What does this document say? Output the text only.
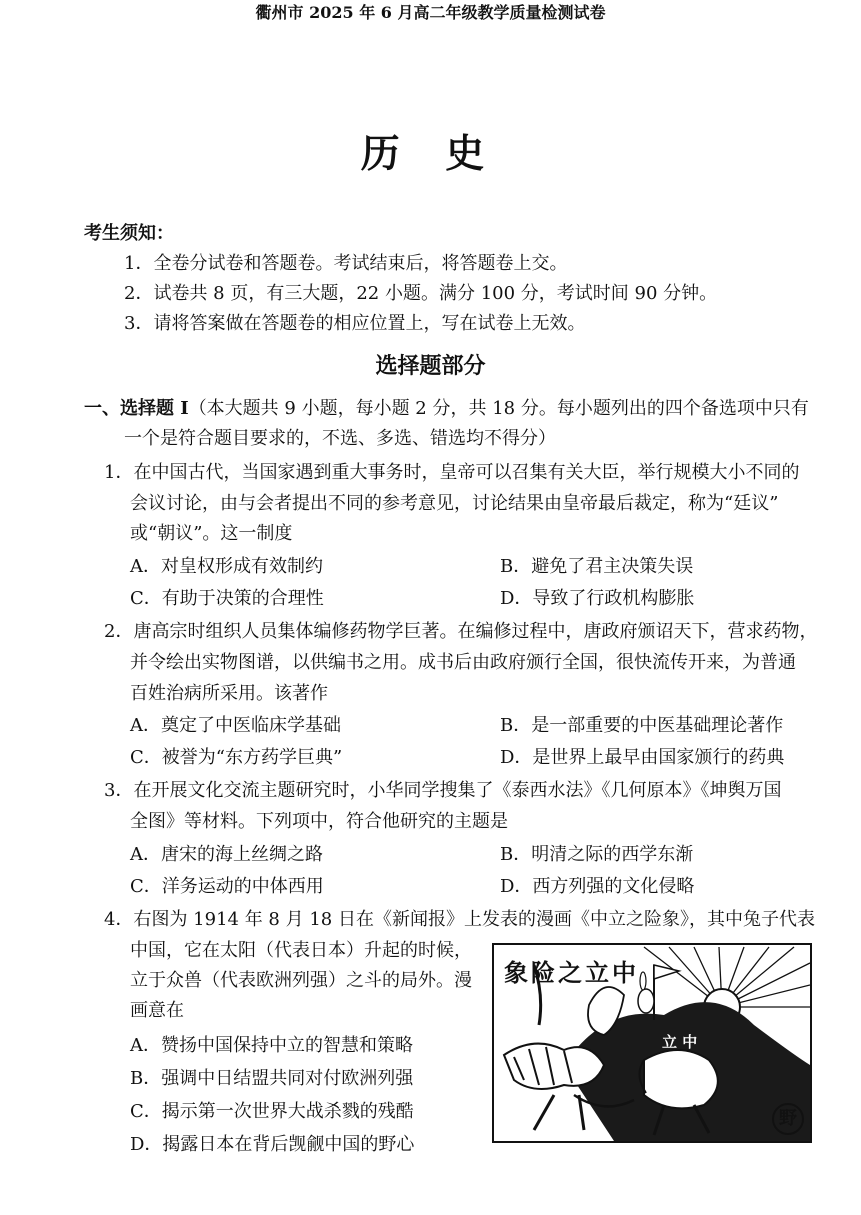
衢州市 2025 年 6 月高二年级教学质量检测试卷
历 史
考生须知：
1．全卷分试卷和答题卷。考试结束后，将答题卷上交。
2．试卷共 8 页，有三大题，22 小题。满分 100 分，考试时间 90 分钟。
3．请将答案做在答题卷的相应位置上，写在试卷上无效。
选择题部分
一、选择题 I（本大题共 9 小题，每小题 2 分，共 18 分。每小题列出的四个备选项中只有
一个是符合题目要求的，不选、多选、错选均不得分）
1．在中国古代，当国家遇到重大事务时，皇帝可以召集有关大臣，举行规模大小不同的
会议讨论，由与会者提出不同的参考意见，讨论结果由皇帝最后裁定，称为“廷议”
或“朝议”。这一制度
A．对皇权形成有效制约	B．避免了君主决策失误
C．有助于决策的合理性	D．导致了行政机构膨胀
2．唐高宗时组织人员集体编修药物学巨著。在编修过程中，唐政府颁诏天下，营求药物，
并令绘出实物图谱，以供编书之用。成书后由政府颁行全国，很快流传开来，为普通
百姓治病所采用。该著作
A．奠定了中医临床学基础	B．是一部重要的中医基础理论著作
C．被誉为“东方药学巨典”	D．是世界上最早由国家颁行的药典
3．在开展文化交流主题研究时，小华同学搜集了《泰西水法》《几何原本》《坤舆万国
全图》等材料。下列项中，符合他研究的主题是
A．唐宋的海上丝绸之路	B．明清之际的西学东渐
C．洋务运动的中体西用	D．西方列强的文化侵略
4．右图为 1914 年 8 月 18 日在《新闻报》上发表的漫画《中立之险象》，其中兔子代表
中国，它在太阳（代表日本）升起的时候，
立于众兽（代表欧洲列强）之斗的局外。漫
画意在
A．赞扬中国保持中立的智慧和策略
B．强调中日结盟共同对付欧洲列强
C．揭示第一次世界大战杀戮的残酷
D．揭露日本在背后觊觎中国的野心
象险之立中
立 中
野
